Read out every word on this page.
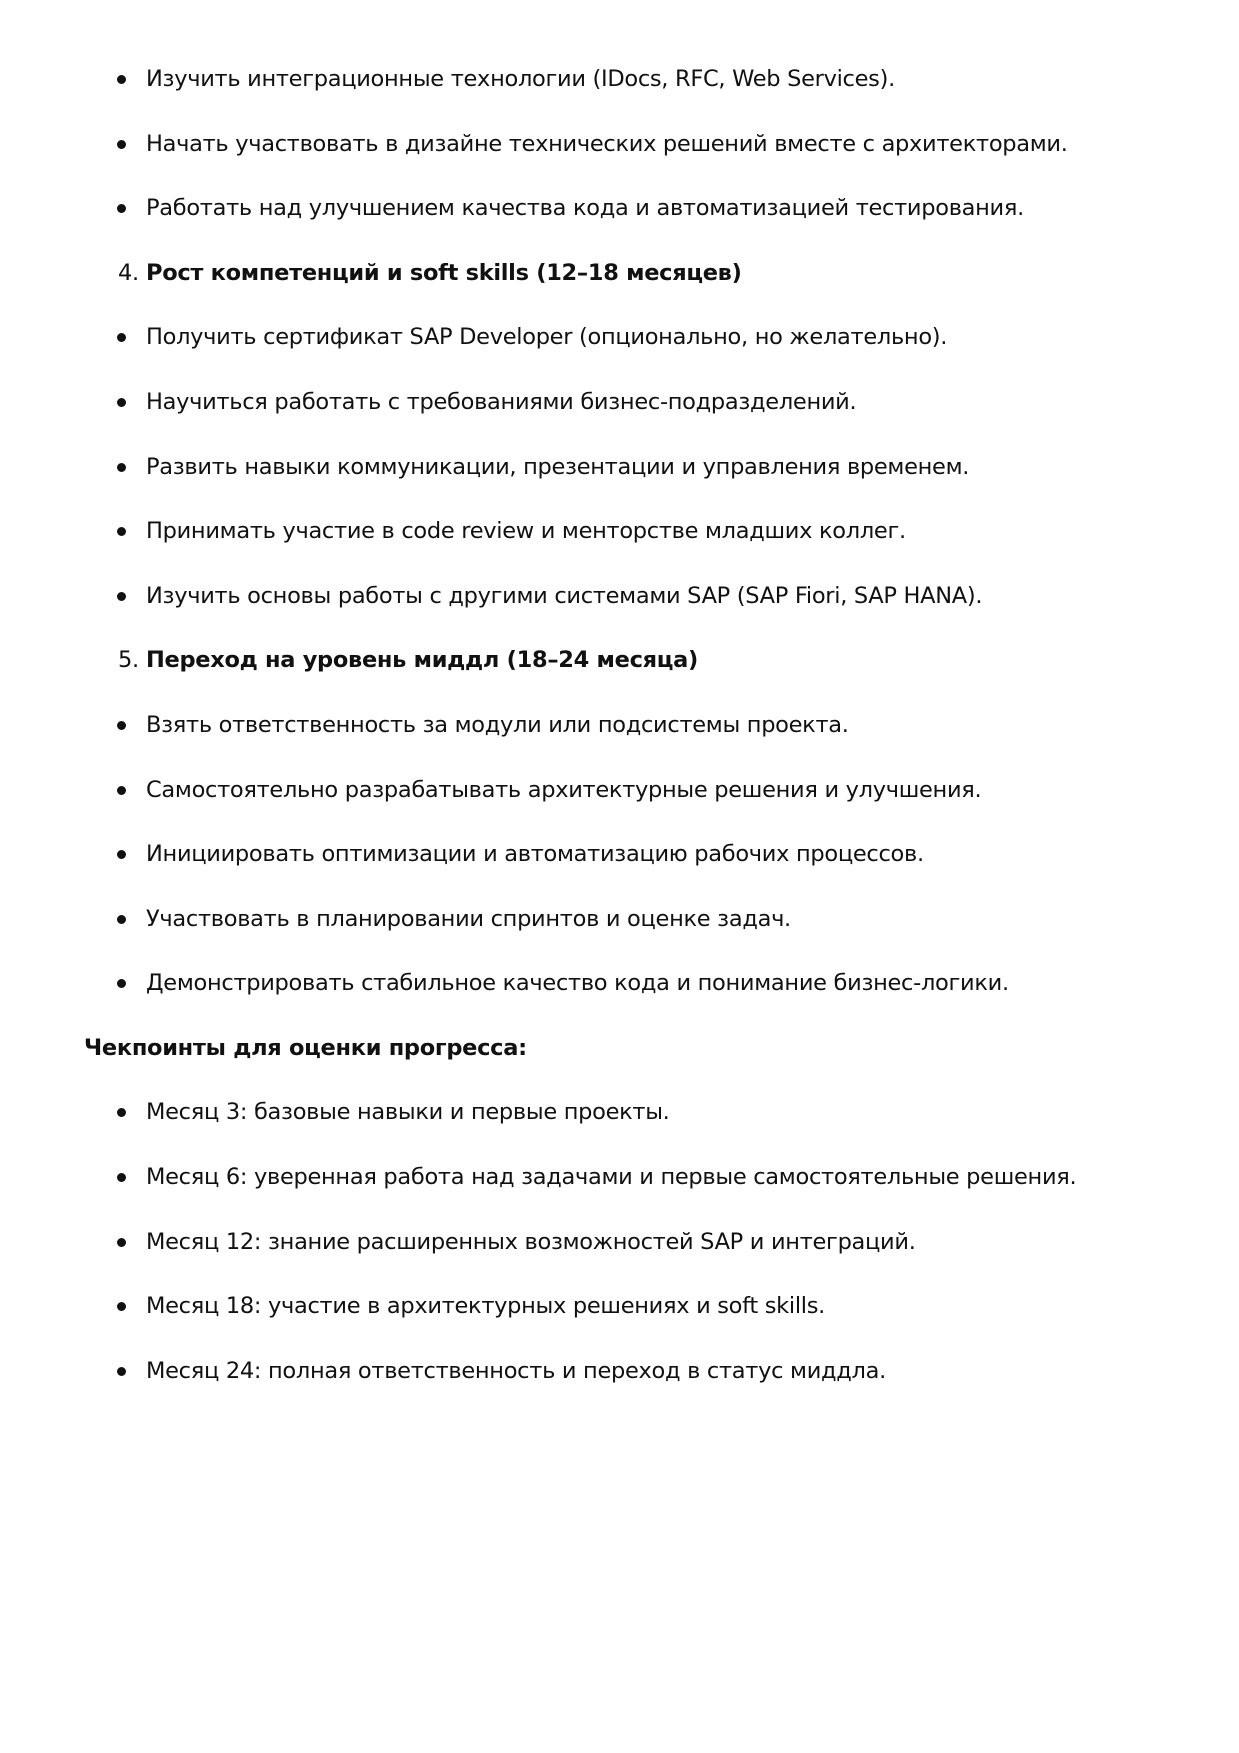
Изучить интеграционные технологии (IDocs, RFC, Web Services).
Начать участвовать в дизайне технических решений вместе с архитекторами.
Работать над улучшением качества кода и автоматизацией тестирования.
4. Рост компетенций и soft skills (12–18 месяцев)
Получить сертификат SAP Developer (опционально, но желательно).
Научиться работать с требованиями бизнес-подразделений.
Развить навыки коммуникации, презентации и управления временем.
Принимать участие в code review и менторстве младших коллег.
Изучить основы работы с другими системами SAP (SAP Fiori, SAP HANA).
5. Переход на уровень миддл (18–24 месяца)
Взять ответственность за модули или подсистемы проекта.
Самостоятельно разрабатывать архитектурные решения и улучшения.
Инициировать оптимизации и автоматизацию рабочих процессов.
Участвовать в планировании спринтов и оценке задач.
Демонстрировать стабильное качество кода и понимание бизнес-логики.
Чекпоинты для оценки прогресса:
Месяц 3: базовые навыки и первые проекты.
Месяц 6: уверенная работа над задачами и первые самостоятельные решения.
Месяц 12: знание расширенных возможностей SAP и интеграций.
Месяц 18: участие в архитектурных решениях и soft skills.
Месяц 24: полная ответственность и переход в статус миддла.
